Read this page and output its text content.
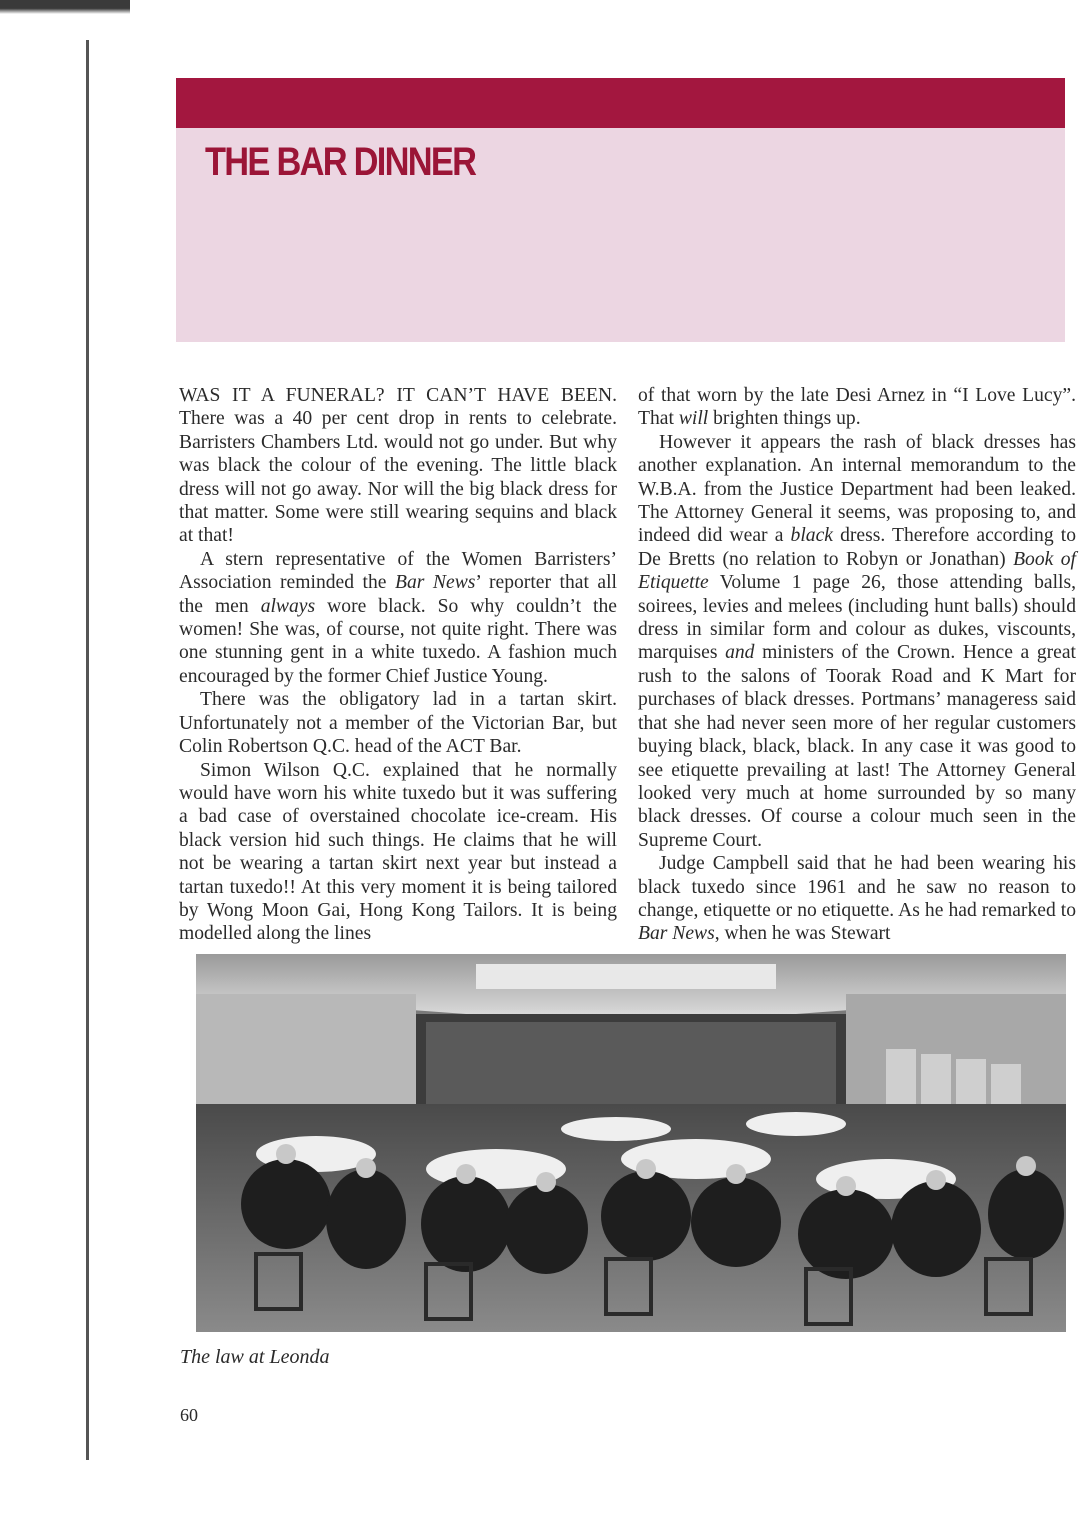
THE BAR DINNER

WAS IT A FUNERAL? IT CAN’T HAVE BEEN. There was a 40 per cent drop in rents to celebrate. Barristers Chambers Ltd. would not go under. But why was black the colour of the evening. The little black dress will not go away. Nor will the big black dress for that matter. Some were still wearing sequins and black at that!

A stern representative of the Women Barristers’ Association reminded the Bar News’ reporter that all the men always wore black. So why couldn’t the women! She was, of course, not quite right. There was one stunning gent in a white tuxedo. A fashion much encouraged by the former Chief Justice Young.

There was the obligatory lad in a tartan skirt. Unfortunately not a member of the Victorian Bar, but Colin Robertson Q.C. head of the ACT Bar.

Simon Wilson Q.C. explained that he normally would have worn his white tuxedo but it was suffering a bad case of overstained chocolate ice-cream. His black version hid such things. He claims that he will not be wearing a tartan skirt next year but instead a tartan tuxedo!! At this very moment it is being tailored by Wong Moon Gai, Hong Kong Tailors. It is being modelled along the lines

of that worn by the late Desi Arnez in “I Love Lucy”. That will brighten things up.

However it appears the rash of black dresses has another explanation. An internal memorandum to the W.B.A. from the Justice Department had been leaked. The Attorney General it seems, was proposing to, and indeed did wear a black dress. Therefore according to De Bretts (no relation to Robyn or Jonathan) Book of Etiquette Volume 1 page 26, those attending balls, soirees, levies and melees (including hunt balls) should dress in similar form and colour as dukes, viscounts, marquises and ministers of the Crown. Hence a great rush to the salons of Toorak Road and K Mart for purchases of black dresses. Portmans’ manageress said that she had never seen more of her regular customers buying black, black, black. In any case it was good to see etiquette prevailing at last! The Attorney General looked very much at home surrounded by so many black dresses. Of course a colour much seen in the Supreme Court.

Judge Campbell said that he had been wearing his black tuxedo since 1961 and he saw no reason to change, etiquette or no etiquette. As he had remarked to Bar News, when he was Stewart

The law at Leonda

60
